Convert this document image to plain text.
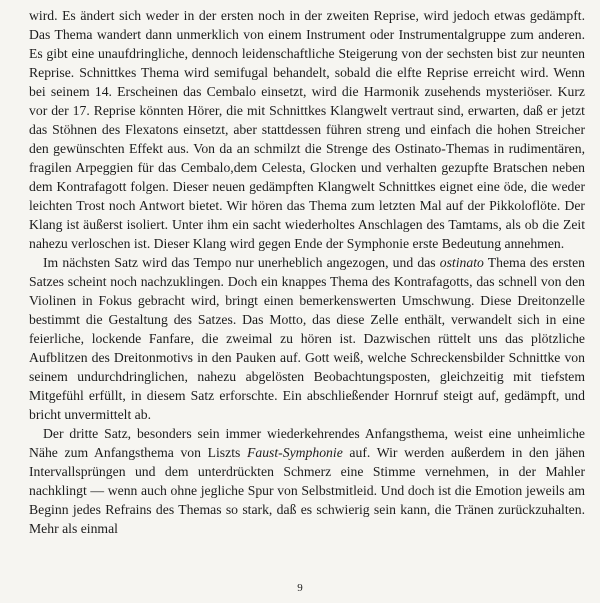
wird. Es ändert sich weder in der ersten noch in der zweiten Reprise, wird jedoch etwas gedämpft. Das Thema wandert dann unmerklich von einem Instrument oder Instrumentalgruppe zum anderen. Es gibt eine unaufdringliche, dennoch leidenschaftliche Steigerung von der sechsten bist zur neunten Reprise. Schnittkes Thema wird semifugal behandelt, sobald die elfte Reprise erreicht wird. Wenn bei seinem 14. Erscheinen das Cembalo einsetzt, wird die Harmonik zusehends mysteriöser. Kurz vor der 17. Reprise könnten Hörer, die mit Schnittkes Klangwelt vertraut sind, erwarten, daß er jetzt das Stöhnen des Flexatons einsetzt, aber stattdessen führen streng und einfach die hohen Streicher den gewünschten Effekt aus. Von da an schmilzt die Strenge des Ostinato-Themas in rudimentären, fragilen Arpeggien für das Cembalo,dem Celesta, Glocken und verhalten gezupfte Bratschen neben dem Kontrafagott folgen. Dieser neuen gedämpften Klangwelt Schnittkes eignet eine öde, die weder leichten Trost noch Antwort bietet. Wir hören das Thema zum letzten Mal auf der Pikkoloflöte. Der Klang ist äußerst isoliert. Unter ihm ein sacht wiederholtes Anschlagen des Tamtams, als ob die Zeit nahezu verloschen ist. Dieser Klang wird gegen Ende der Symphonie erste Bedeutung annehmen.

Im nächsten Satz wird das Tempo nur unerheblich angezogen, und das ostinato Thema des ersten Satzes scheint noch nachzuklingen. Doch ein knappes Thema des Kontrafagotts, das schnell von den Violinen in Fokus gebracht wird, bringt einen bemerkenswerten Umschwung. Diese Dreitonzelle bestimmt die Gestaltung des Satzes. Das Motto, das diese Zelle enthält, verwandelt sich in eine feierliche, lockende Fanfare, die zweimal zu hören ist. Dazwischen rüttelt uns das plötzliche Aufblitzen des Dreitonmotivs in den Pauken auf. Gott weiß, welche Schreckensbilder Schnittke von seinem undurchdringlichen, nahezu abgelösten Beobachtungsposten, gleichzeitig mit tiefstem Mitgefühl erfüllt, in diesem Satz erforschte. Ein abschließender Hornruf steigt auf, gedämpft, und bricht unvermittelt ab.

Der dritte Satz, besonders sein immer wiederkehrendes Anfangsthema, weist eine unheimliche Nähe zum Anfangsthema von Liszts Faust-Symphonie auf. Wir werden außerdem in den jähen Intervallsprüngen und dem unterdrückten Schmerz eine Stimme vernehmen, in der Mahler nachklingt — wenn auch ohne jegliche Spur von Selbstmitleid. Und doch ist die Emotion jeweils am Beginn jedes Refrains des Themas so stark, daß es schwierig sein kann, die Tränen zurückzuhalten. Mehr als einmal

9
